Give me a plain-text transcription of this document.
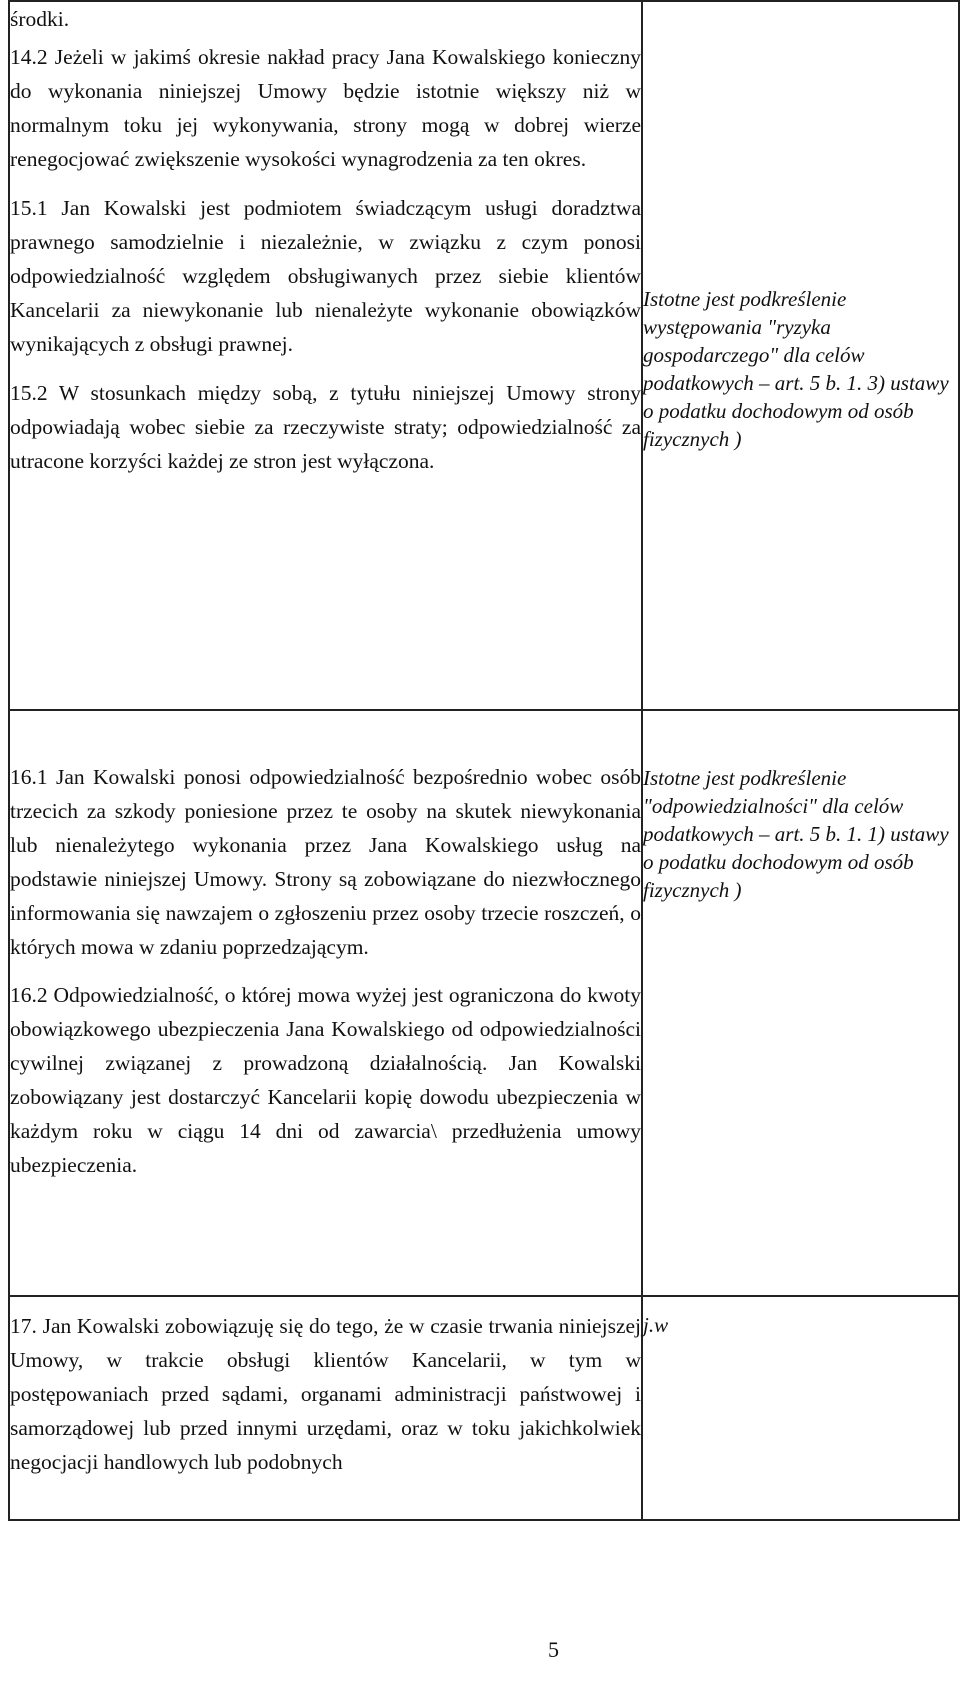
środki.

14.2 Jeżeli w jakimś okresie nakład pracy Jana Kowalskiego konieczny do wykonania niniejszej Umowy będzie istotnie większy niż w normalnym toku jej wykonywania, strony mogą w dobrej wierze renegocjować zwiększenie wysokości wynagrodzenia za ten okres.

15.1 Jan Kowalski jest podmiotem świadczącym usługi doradztwa prawnego samodzielnie i niezależnie, w związku z czym ponosi odpowiedzialność względem obsługiwanych przez siebie klientów Kancelarii za niewykonanie lub nienależyte wykonanie obowiązków wynikających z obsługi prawnej.

15.2 W stosunkach między sobą, z tytułu niniejszej Umowy strony odpowiadają wobec siebie za rzeczywiste straty; odpowiedzialność za utracone korzyści każdej ze stron jest wyłączona.	Istotne jest podkreślenie występowania "ryzyka gospodarczego" dla celów podatkowych – art. 5 b. 1. 3) ustawy o podatku dochodowym od osób fizycznych )

16.1 Jan Kowalski ponosi odpowiedzialność bezpośrednio wobec osób trzecich za szkody poniesione przez te osoby na skutek niewykonania lub nienależytego wykonania przez Jana Kowalskiego usług na podstawie niniejszej Umowy. Strony są zobowiązane do niezwłocznego informowania się nawzajem o zgłoszeniu przez osoby trzecie roszczeń, o których mowa w zdaniu poprzedzającym.

16.2 Odpowiedzialność, o której mowa wyżej jest ograniczona do kwoty obowiązkowego ubezpieczenia Jana Kowalskiego od odpowiedzialności cywilnej związanej z prowadzoną działalnością. Jan Kowalski zobowiązany jest dostarczyć Kancelarii kopię dowodu ubezpieczenia w każdym roku w ciągu 14 dni od zawarcia\ przedłużenia umowy ubezpieczenia.	Istotne jest podkreślenie "odpowiedzialności" dla celów podatkowych – art. 5 b. 1. 1) ustawy o podatku dochodowym od osób fizycznych )

17. Jan Kowalski zobowiązuję się do tego, że w czasie trwania niniejszej Umowy, w trakcie obsługi klientów Kancelarii, w tym w postępowaniach przed sądami, organami administracji państwowej i samorządowej lub przed innymi urzędami, oraz w toku jakichkolwiek negocjacji handlowych lub podobnych	j.w

5
